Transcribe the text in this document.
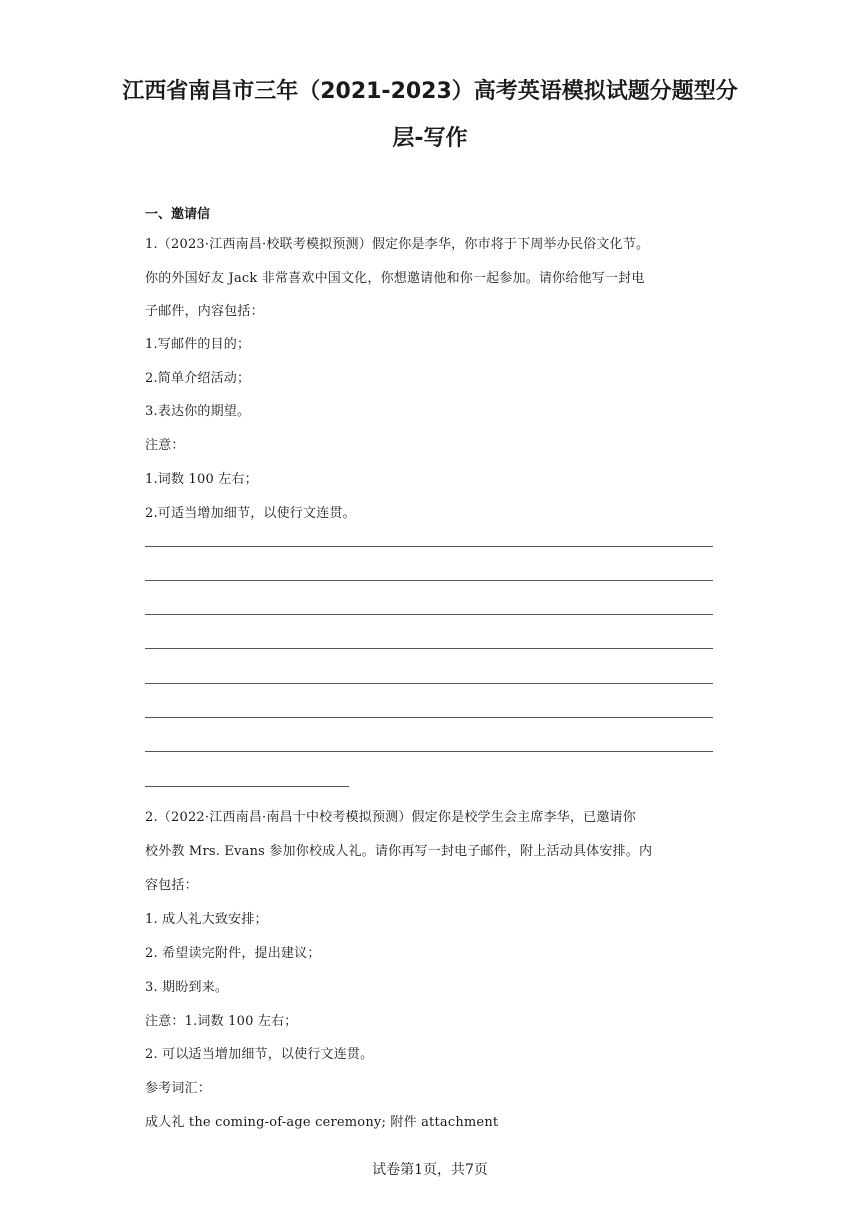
江西省南昌市三年（2021-2023）高考英语模拟试题分题型分
层-写作
一、邀请信
1.（2023·江西南昌·校联考模拟预测）假定你是李华，你市将于下周举办民俗文化节。
你的外国好友 Jack 非常喜欢中国文化，你想邀请他和你一起参加。请你给他写一封电
子邮件，内容包括：
1.写邮件的目的；
2.简单介绍活动；
3.表达你的期望。
注意：
1.词数 100 左右；
2.可适当增加细节，以使行文连贯。
2.（2022·江西南昌·南昌十中校考模拟预测）假定你是校学生会主席李华，已邀请你
校外教 Mrs. Evans 参加你校成人礼。请你再写一封电子邮件，附上活动具体安排。内
容包括：
1. 成人礼大致安排；
2. 希望读完附件，提出建议；
3. 期盼到来。
注意：1.词数 100 左右；
2. 可以适当增加细节，以使行文连贯。
参考词汇：
成人礼 the coming-of-age ceremony; 附件 attachment
试卷第1页，共7页
